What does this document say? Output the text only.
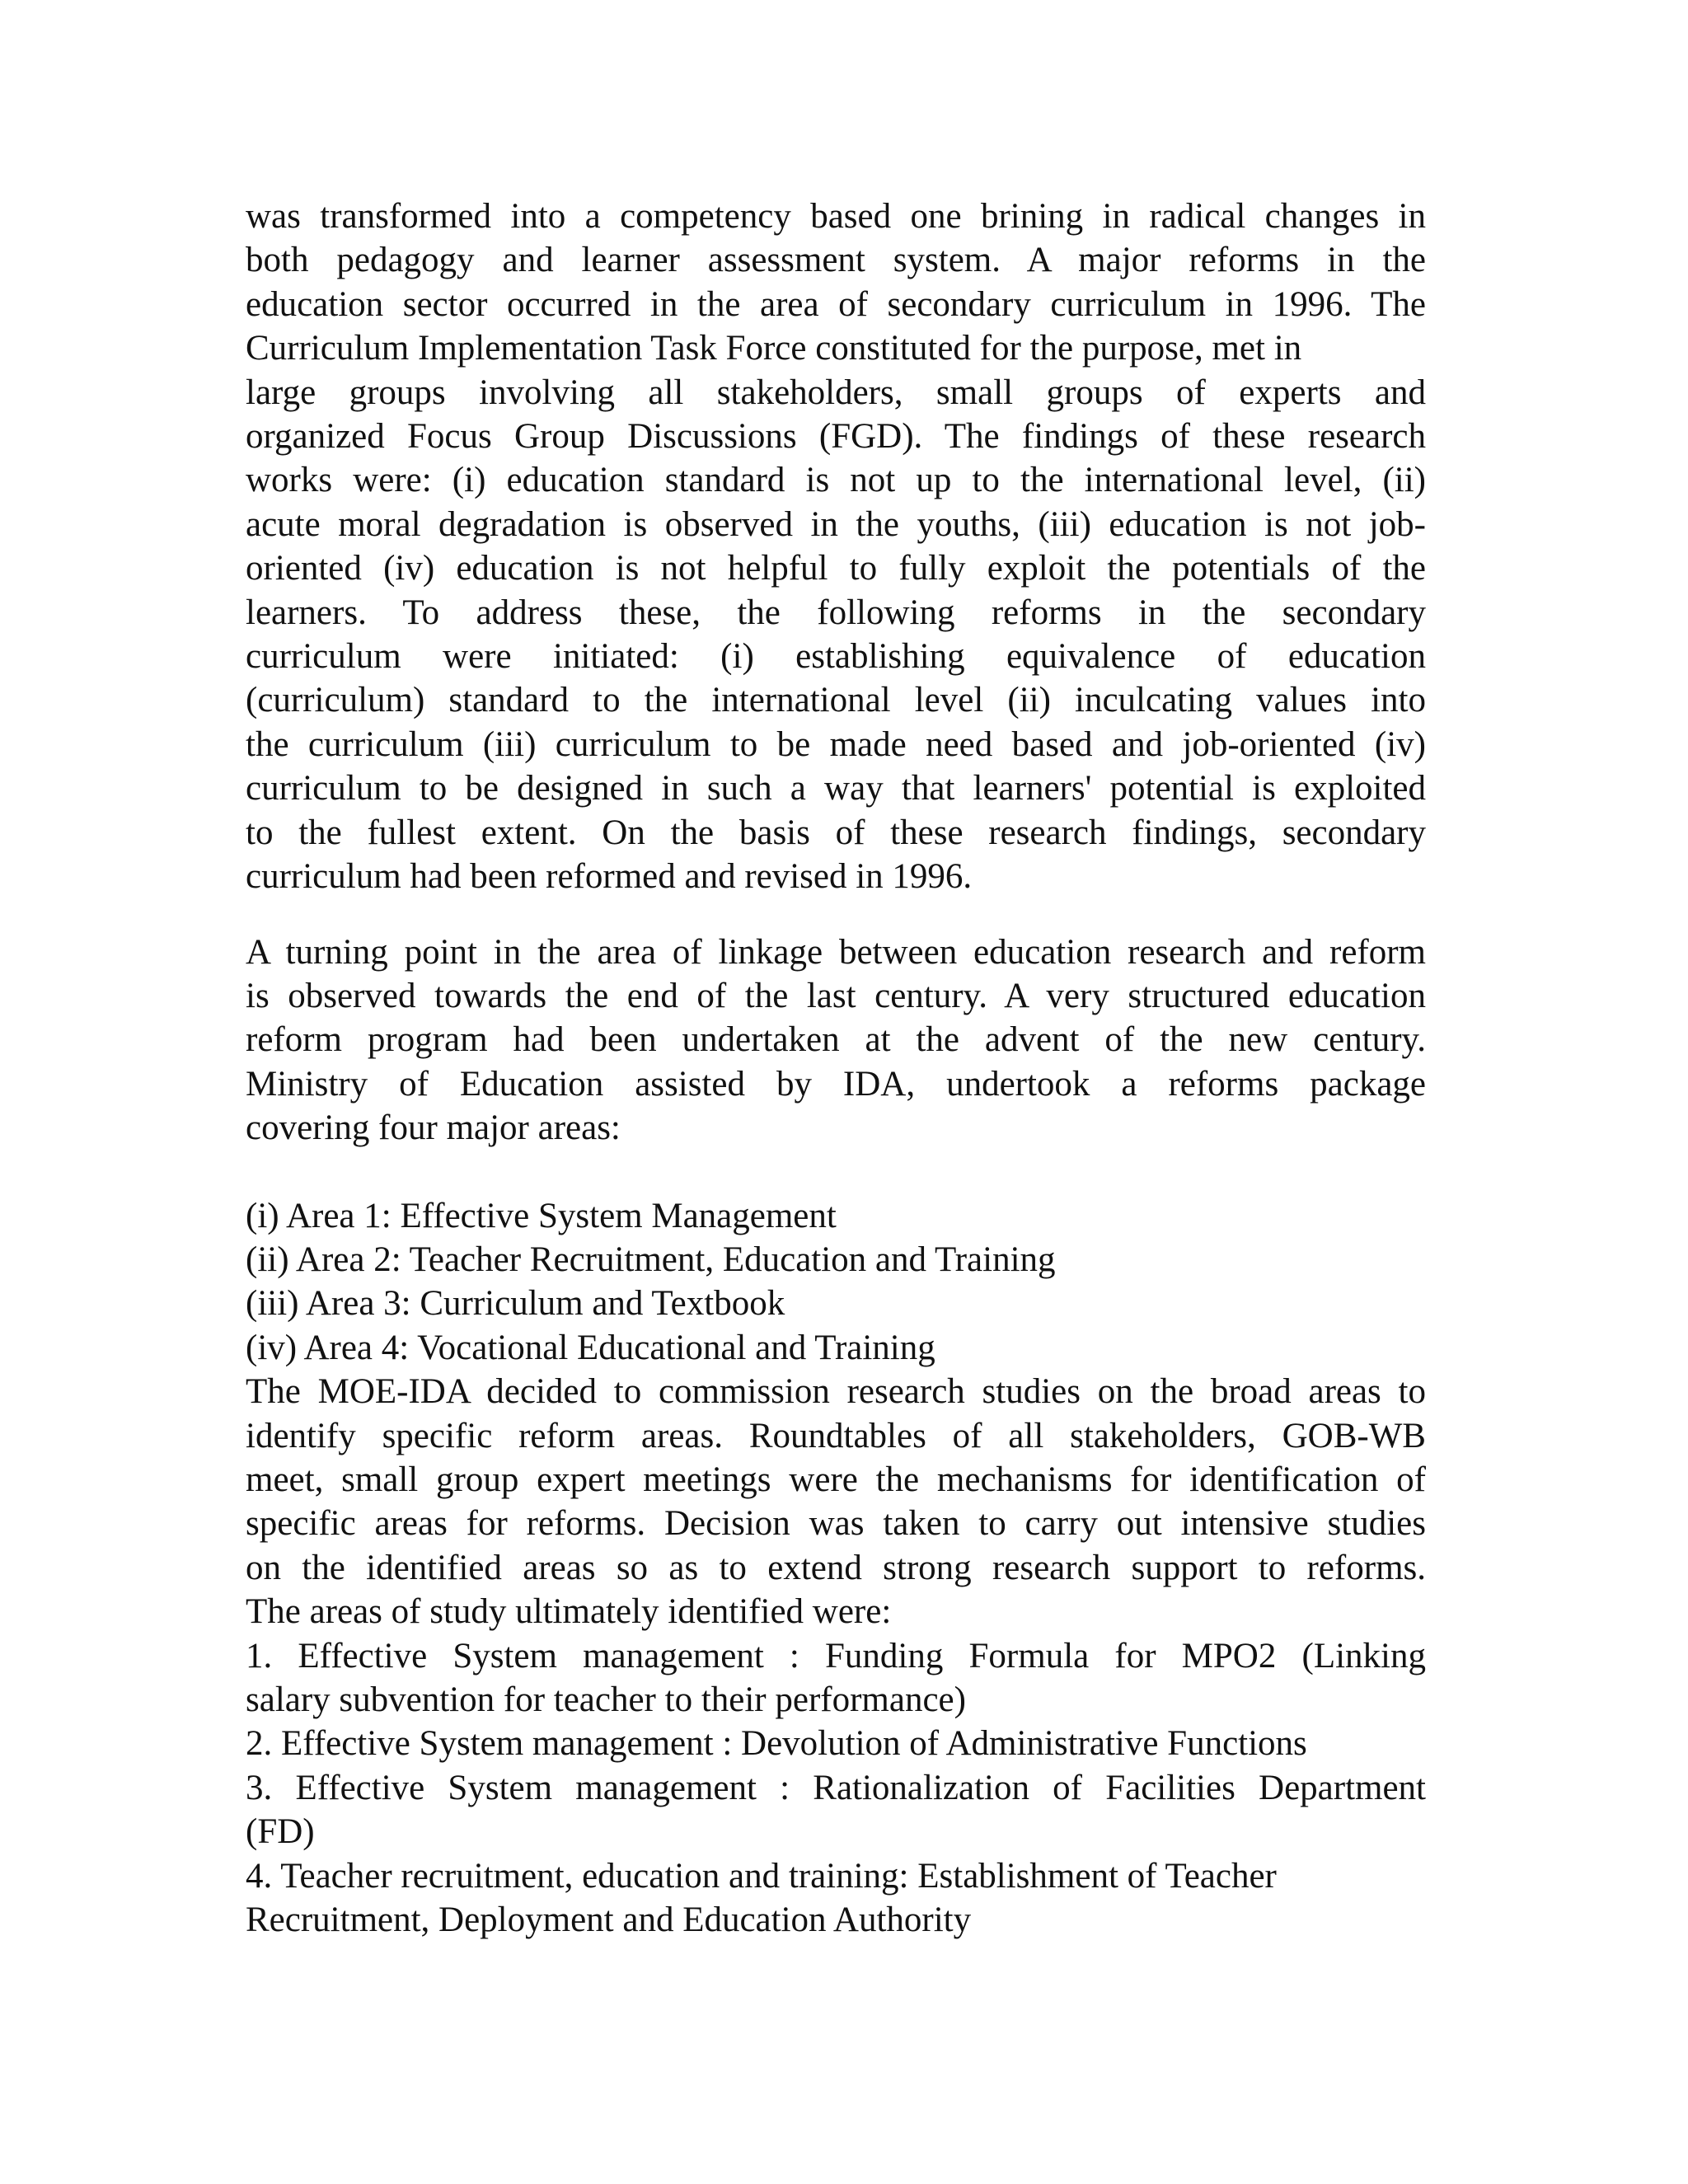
was transformed into a competency based one brining in radical changes in
both pedagogy and learner assessment system. A major reforms in the
education sector occurred in the area of secondary curriculum in 1996. The
Curriculum Implementation Task Force constituted for the purpose, met in
large groups involving all stakeholders, small groups of experts and
organized Focus Group Discussions (FGD). The findings of these research
works were: (i) education standard is not up to the international level, (ii)
acute moral degradation is observed in the youths, (iii) education is not job-
oriented (iv) education is not helpful to fully exploit the potentials of the
learners. To address these, the following reforms in the secondary
curriculum were initiated: (i) establishing equivalence of education
(curriculum) standard to the international level (ii) inculcating values into
the curriculum (iii) curriculum to be made need based and job-oriented (iv)
curriculum to be designed in such a way that learners' potential is exploited
to the fullest extent. On the basis of these research findings, secondary
curriculum had been reformed and revised in 1996.
A turning point in the area of linkage between education research and reform
is observed towards the end of the last century. A very structured education
reform program had been undertaken at the advent of the new century.
Ministry of Education assisted by IDA, undertook a reforms package
covering four major areas:
(i) Area 1: Effective System Management
(ii) Area 2: Teacher Recruitment, Education and Training
(iii) Area 3: Curriculum and Textbook
(iv) Area 4: Vocational Educational and Training
The MOE-IDA decided to commission research studies on the broad areas to
identify specific reform areas. Roundtables of all stakeholders, GOB-WB
meet, small group expert meetings were the mechanisms for identification of
specific areas for reforms. Decision was taken to carry out intensive studies
on the identified areas so as to extend strong research support to reforms.
The areas of study ultimately identified were:
1. Effective System management : Funding Formula for MPO2 (Linking
salary subvention for teacher to their performance)
2. Effective System management : Devolution of Administrative Functions
3. Effective System management : Rationalization of Facilities Department
(FD)
4. Teacher recruitment, education and training: Establishment of Teacher
Recruitment, Deployment and Education Authority
